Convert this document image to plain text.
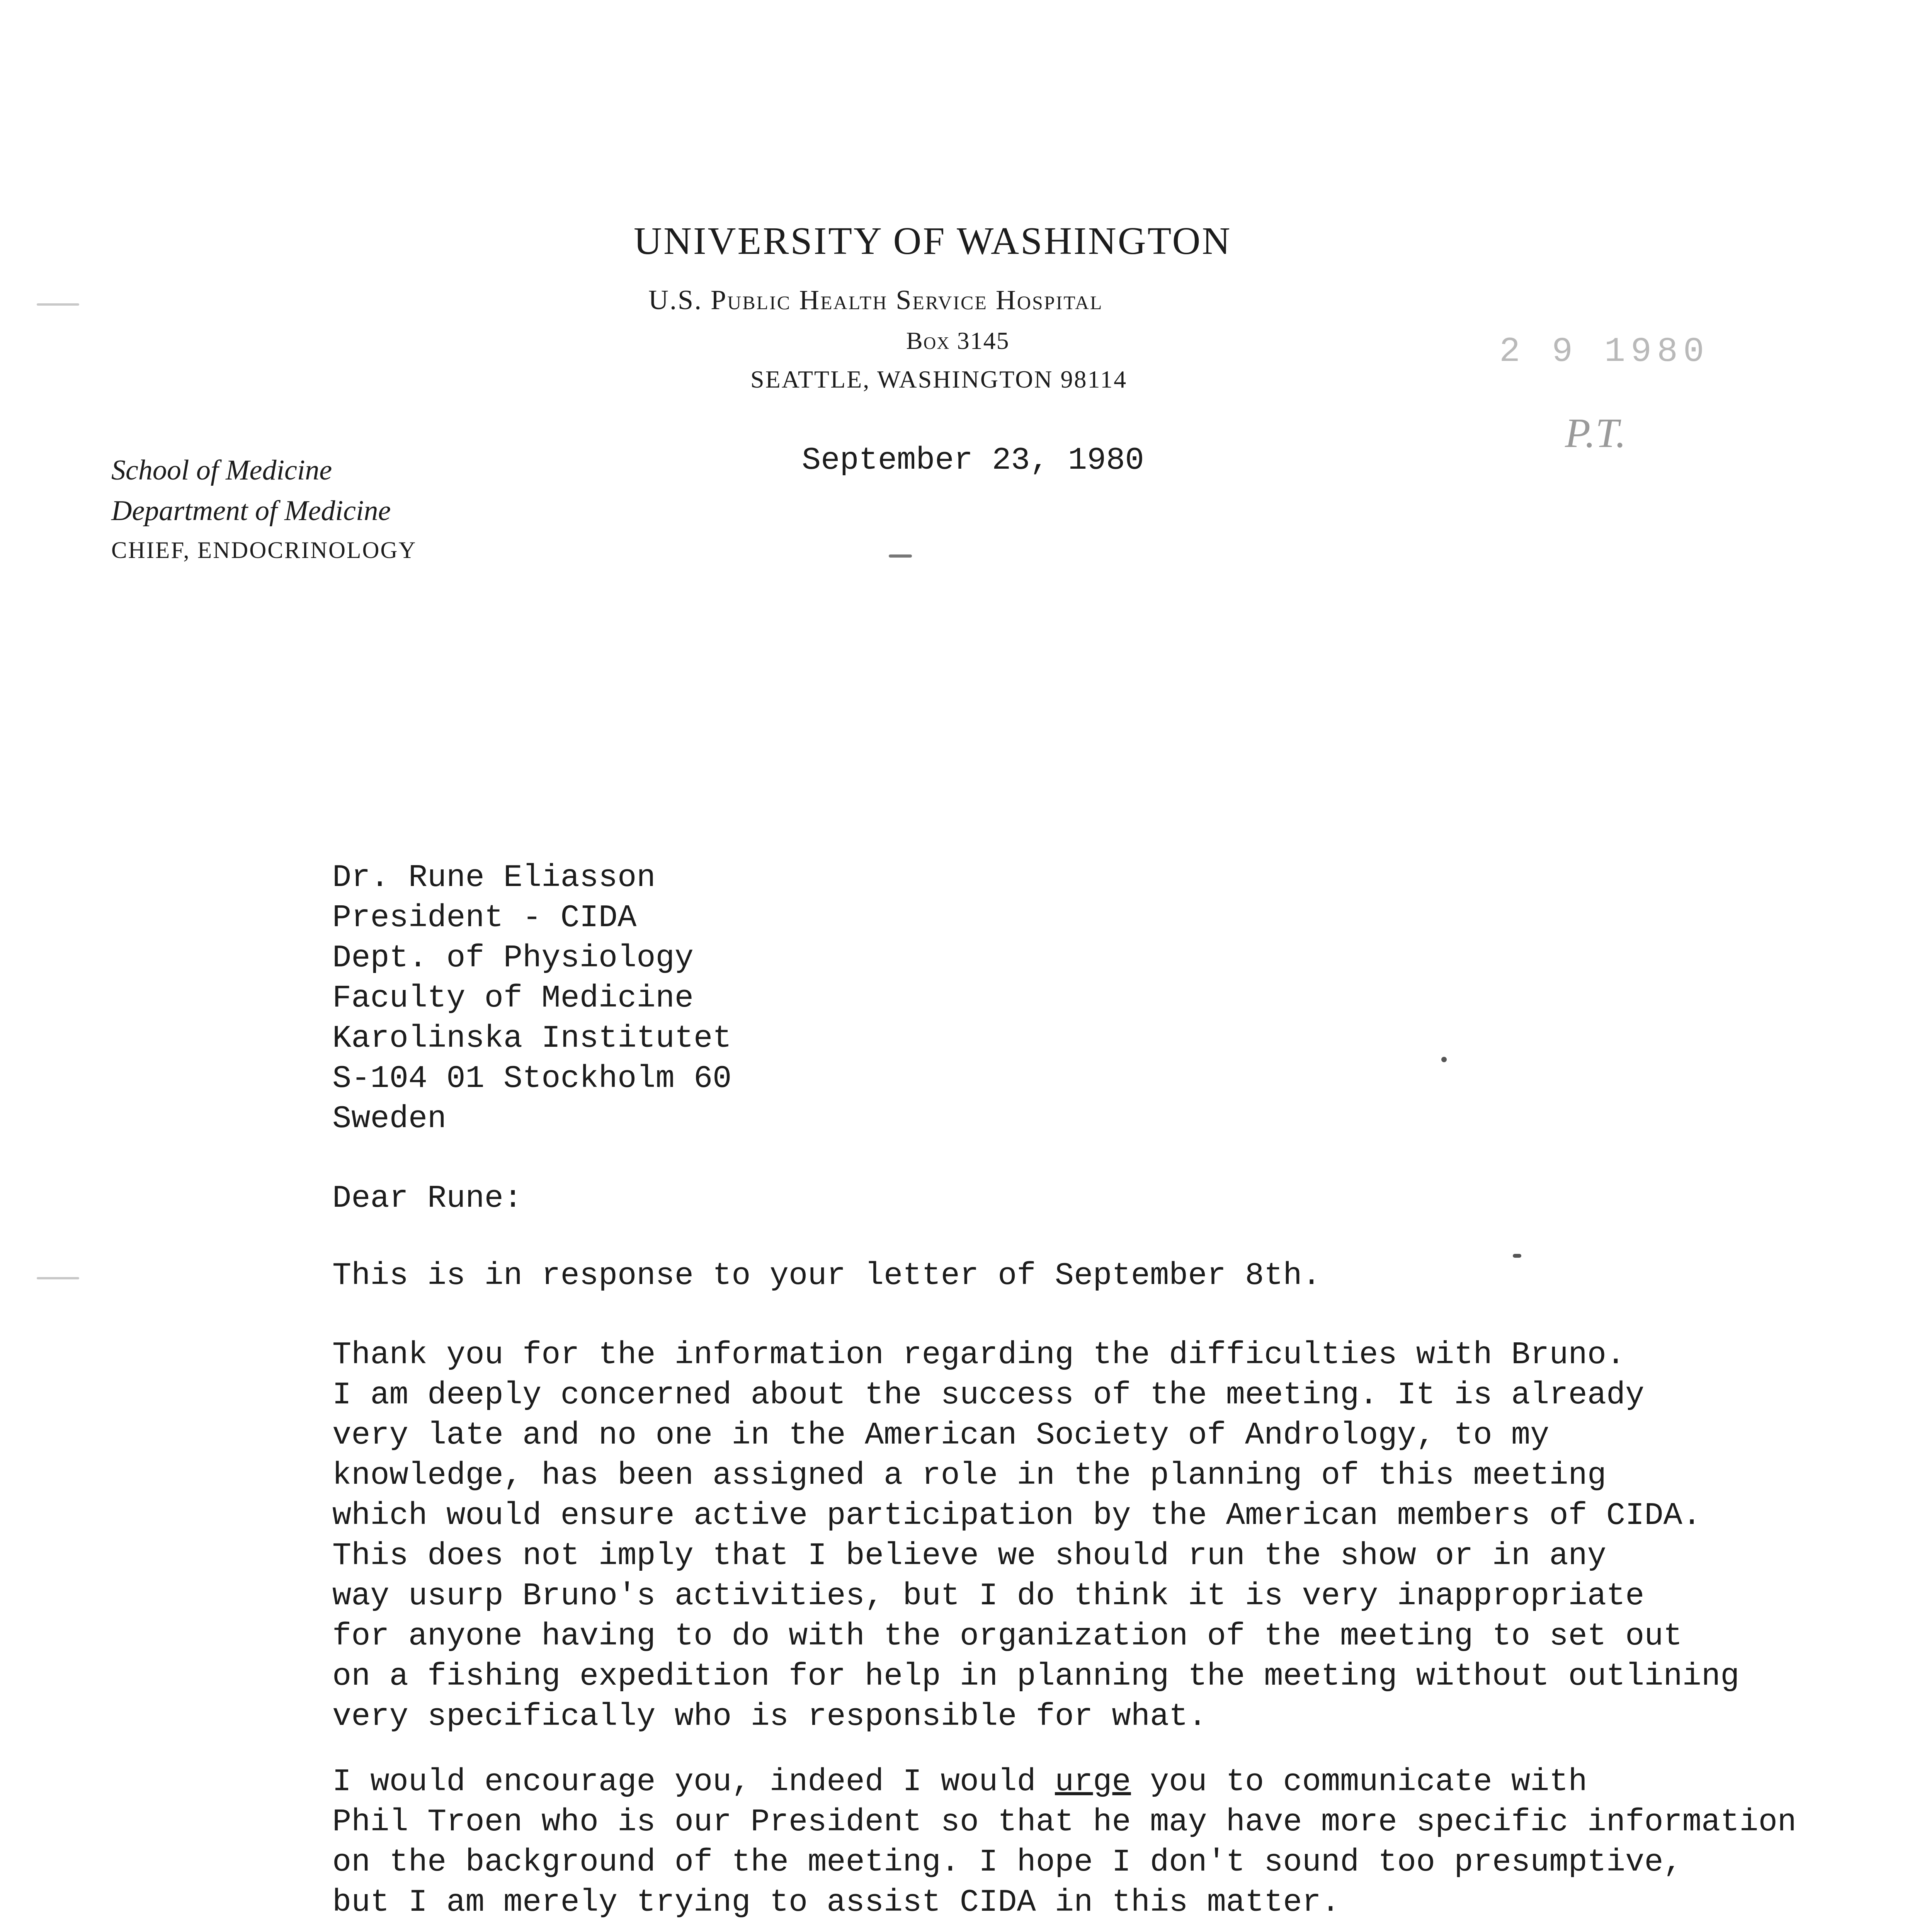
UNIVERSITY OF WASHINGTON
U.S. Public Health Service Hospital
Box 3145
SEATTLE, WASHINGTON 98114
School of Medicine
Department of Medicine
CHIEF, ENDOCRINOLOGY
2 9 1980
P.T.
September 23, 1980
Dr. Rune Eliasson
President - CIDA
Dept. of Physiology
Faculty of Medicine
Karolinska Institutet
S-104 01 Stockholm 60
Sweden
Dear Rune:
This is in response to your letter of September 8th.
Thank you for the information regarding the difficulties with Bruno.
I am deeply concerned about the success of the meeting. It is already
very late and no one in the American Society of Andrology, to my
knowledge, has been assigned a role in the planning of this meeting
which would ensure active participation by the American members of CIDA.
This does not imply that I believe we should run the show or in any
way usurp Bruno's activities, but I do think it is very inappropriate
for anyone having to do with the organization of the meeting to set out
on a fishing expedition for help in planning the meeting without outlining
very specifically who is responsible for what.
I would encourage you, indeed I would urge you to communicate with
Phil Troen who is our President so that he may have more specific information
on the background of the meeting. I hope I don't sound too presumptive,
but I am merely trying to assist CIDA in this matter.
